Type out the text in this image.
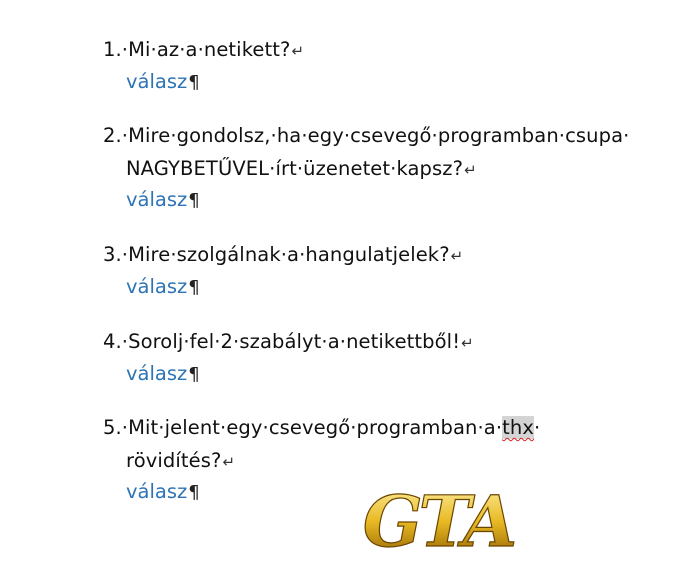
1.·Mi·az·a·netikett?↵
válasz¶
2.·Mire·gondolsz,·ha·egy·csevegő·programban·csupa·
NAGYBETŰVEL·írt·üzenetet·kapsz?↵
válasz¶
3.·Mire·szolgálnak·a·hangulatjelek?↵
válasz¶
4.·Sorolj·fel·2·szabályt·a·netikettből!↵
válasz¶
5.·Mit·jelent·egy·csevegő·programban·a·thx·
rövidítés?↵
válasz¶ GTA
